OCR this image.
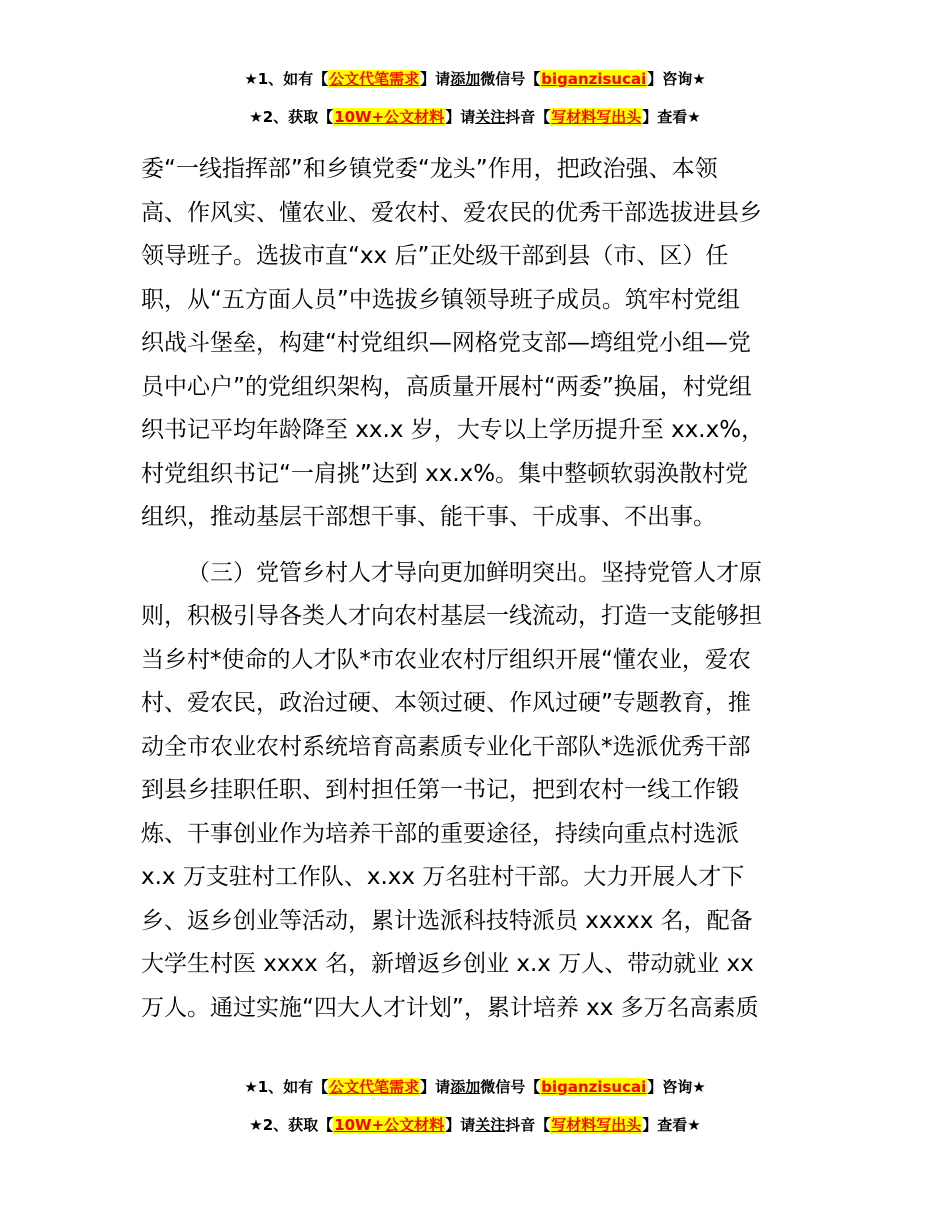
★1、如有【公文代笔需求】请添加微信号【biganzisucai】咨询★
★2、获取【10W+公文材料】请关注抖音【写材料写出头】查看★
委“一线指挥部”和乡镇党委“龙头”作用，把政治强、本领
高、作风实、懂农业、爱农村、爱农民的优秀干部选拔进县乡
领导班子。选拔市直“xx 后”正处级干部到县（市、区）任
职，从“五方面人员”中选拔乡镇领导班子成员。筑牢村党组
织战斗堡垒，构建“村党组织—网格党支部—塆组党小组—党
员中心户”的党组织架构，高质量开展村“两委”换届，村党组
织书记平均年龄降至 xx.x 岁，大专以上学历提升至 xx.x%，
村党组织书记“一肩挑”达到 xx.x%。集中整顿软弱涣散村党
组织，推动基层干部想干事、能干事、干成事、不出事。
（三）党管乡村人才导向更加鲜明突出。坚持党管人才原
则，积极引导各类人才向农村基层一线流动，打造一支能够担
当乡村*使命的人才队*市农业农村厅组织开展“懂农业，爱农
村、爱农民，政治过硬、本领过硬、作风过硬”专题教育，推
动全市农业农村系统培育高素质专业化干部队*选派优秀干部
到县乡挂职任职、到村担任第一书记，把到农村一线工作锻
炼、干事创业作为培养干部的重要途径，持续向重点村选派
x.x 万支驻村工作队、x.xx 万名驻村干部。大力开展人才下
乡、返乡创业等活动，累计选派科技特派员 xxxxx 名，配备
大学生村医 xxxx 名，新增返乡创业 x.x 万人、带动就业 xx
万人。通过实施“四大人才计划”，累计培养 xx 多万名高素质
★1、如有【公文代笔需求】请添加微信号【biganzisucai】咨询★
★2、获取【10W+公文材料】请关注抖音【写材料写出头】查看★
